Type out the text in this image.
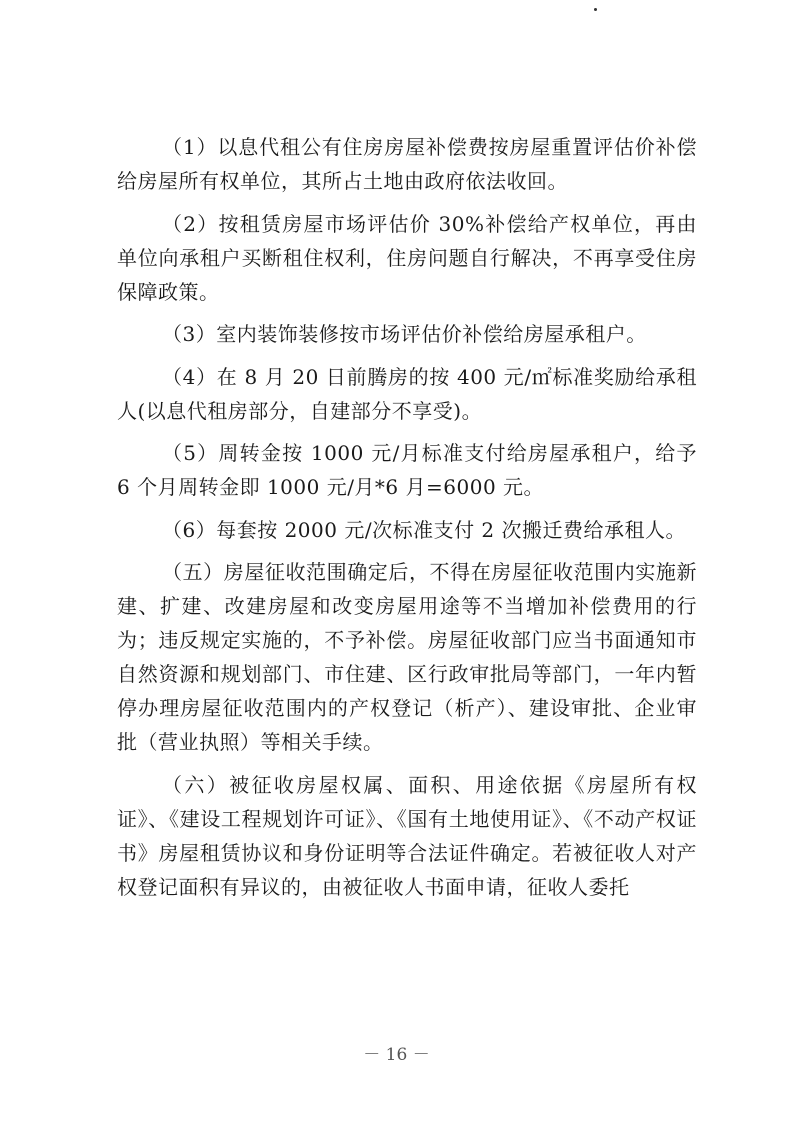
（1）以息代租公有住房房屋补偿费按房屋重置评估价补偿给房屋所有权单位，其所占土地由政府依法收回。

（2）按租赁房屋市场评估价 30%补偿给产权单位，再由单位向承租户买断租住权利，住房问题自行解决，不再享受住房保障政策。

（3）室内装饰装修按市场评估价补偿给房屋承租户。

（4）在 8 月 20 日前腾房的按 400 元/㎡标准奖励给承租人(以息代租房部分，自建部分不享受)。

（5）周转金按 1000 元/月标准支付给房屋承租户，给予 6 个月周转金即 1000 元/月*6 月=6000 元。

（6）每套按 2000 元/次标准支付 2 次搬迁费给承租人。

（五）房屋征收范围确定后，不得在房屋征收范围内实施新建、扩建、改建房屋和改变房屋用途等不当增加补偿费用的行为；违反规定实施的，不予补偿。房屋征收部门应当书面通知市自然资源和规划部门、市住建、区行政审批局等部门，一年内暂停办理房屋征收范围内的产权登记（析产）、建设审批、企业审批（营业执照）等相关手续。

（六）被征收房屋权属、面积、用途依据《房屋所有权证》、《建设工程规划许可证》、《国有土地使用证》、《不动产权证书》房屋租赁协议和身份证明等合法证件确定。若被征收人对产权登记面积有异议的，由被征收人书面申请，征收人委托

－ 16 －
